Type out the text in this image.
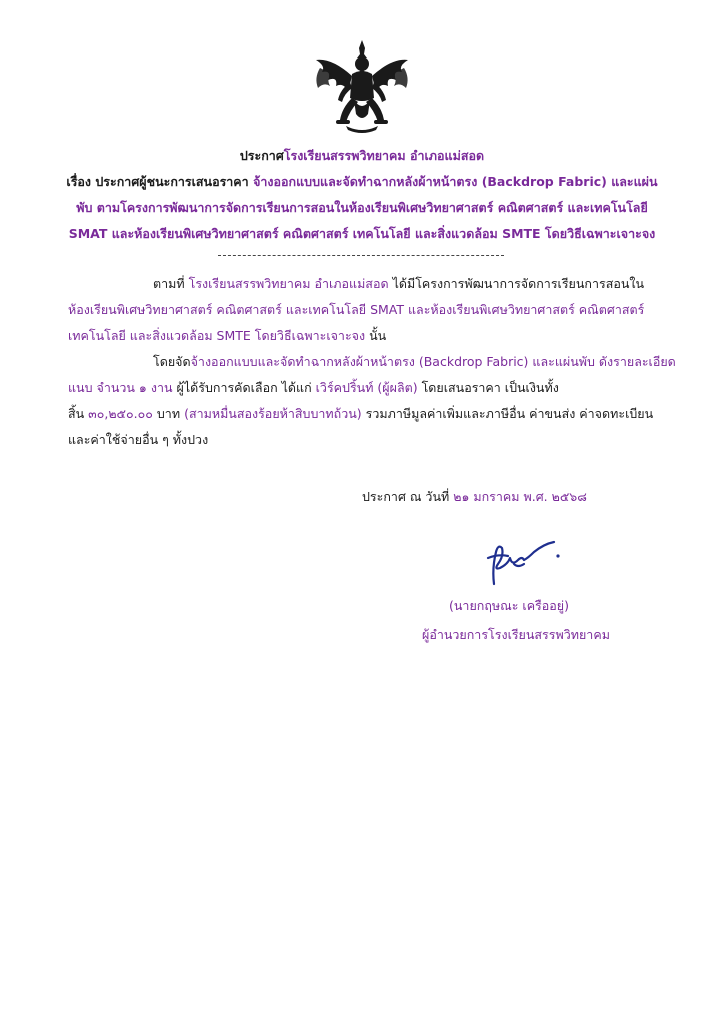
ประกาศโรงเรียนสรรพวิทยาคม อำเภอแม่สอด
เรื่อง ประกาศผู้ชนะการเสนอราคา จ้างออกแบบและจัดทำฉากหลังผ้าหน้าตรง (Backdrop Fabric) และแผ่น
พับ ตามโครงการพัฒนาการจัดการเรียนการสอนในห้องเรียนพิเศษวิทยาศาสตร์ คณิตศาสตร์ และเทคโนโลยี
SMAT และห้องเรียนพิเศษวิทยาศาสตร์ คณิตศาสตร์ เทคโนโลยี และสิ่งแวดล้อม SMTE โดยวิธีเฉพาะเจาะจง
ตามที่ โรงเรียนสรรพวิทยาคม อำเภอแม่สอด ได้มีโครงการพัฒนาการจัดการเรียนการสอนใน
ห้องเรียนพิเศษวิทยาศาสตร์ คณิตศาสตร์ และเทคโนโลยี SMAT และห้องเรียนพิเศษวิทยาศาสตร์ คณิตศาสตร์
เทคโนโลยี และสิ่งแวดล้อม SMTE โดยวิธีเฉพาะเจาะจง นั้น
โดยจัดจ้างออกแบบและจัดทำฉากหลังผ้าหน้าตรง (Backdrop Fabric) และแผ่นพับ ดังรายละเอียด
แนบ จำนวน ๑ งาน ผู้ได้รับการคัดเลือก ได้แก่ เวิร์คปริ้นท์ (ผู้ผลิต) โดยเสนอราคา เป็นเงินทั้ง
สิ้น ๓๐,๒๕๐.๐๐ บาท (สามหมื่นสองร้อยห้าสิบบาทถ้วน) รวมภาษีมูลค่าเพิ่มและภาษีอื่น ค่าขนส่ง ค่าจดทะเบียน
และค่าใช้จ่ายอื่น ๆ ทั้งปวง
ประกาศ ณ วันที่ ๒๑ มกราคม พ.ศ. ๒๕๖๘
(นายกฤษณะ เครืออยู่)
ผู้อำนวยการโรงเรียนสรรพวิทยาคม
